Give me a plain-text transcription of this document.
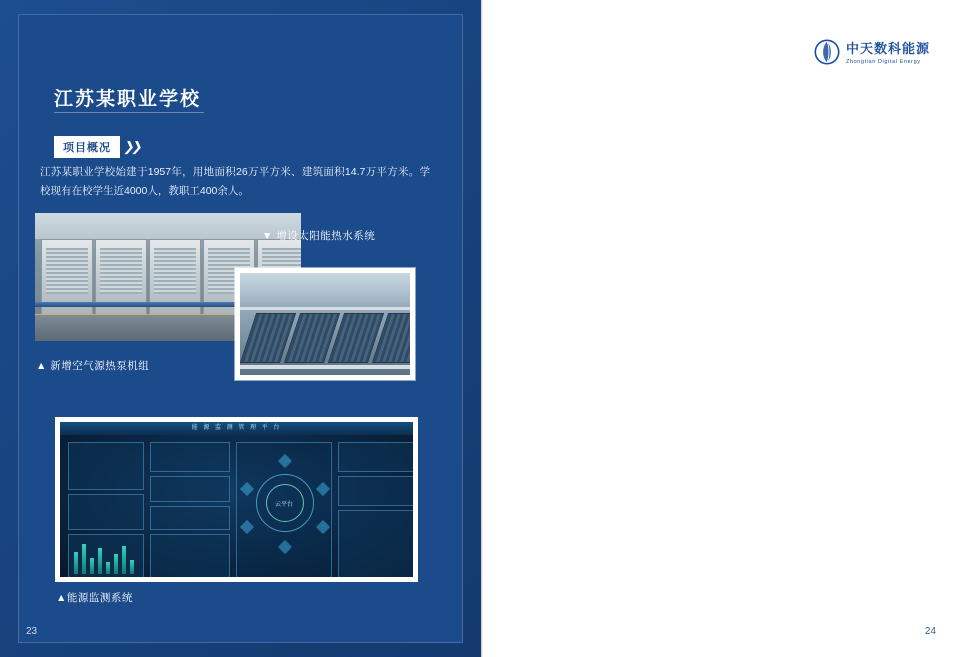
江苏某职业学校
项目概况 ❯❯
江苏某职业学校始建于1957年，用地面积26万平方米、建筑面积14.7万平方米。学校现有在校学生近4000人，教职工400余人。
▲ 新增空气源热泵机组
▼ 增设太阳能热水系统
能 源 监 测 管 理 平 台
云平台
▲能源监测系统
23
中天数科能源
Zhongtian Digital Energy

24
